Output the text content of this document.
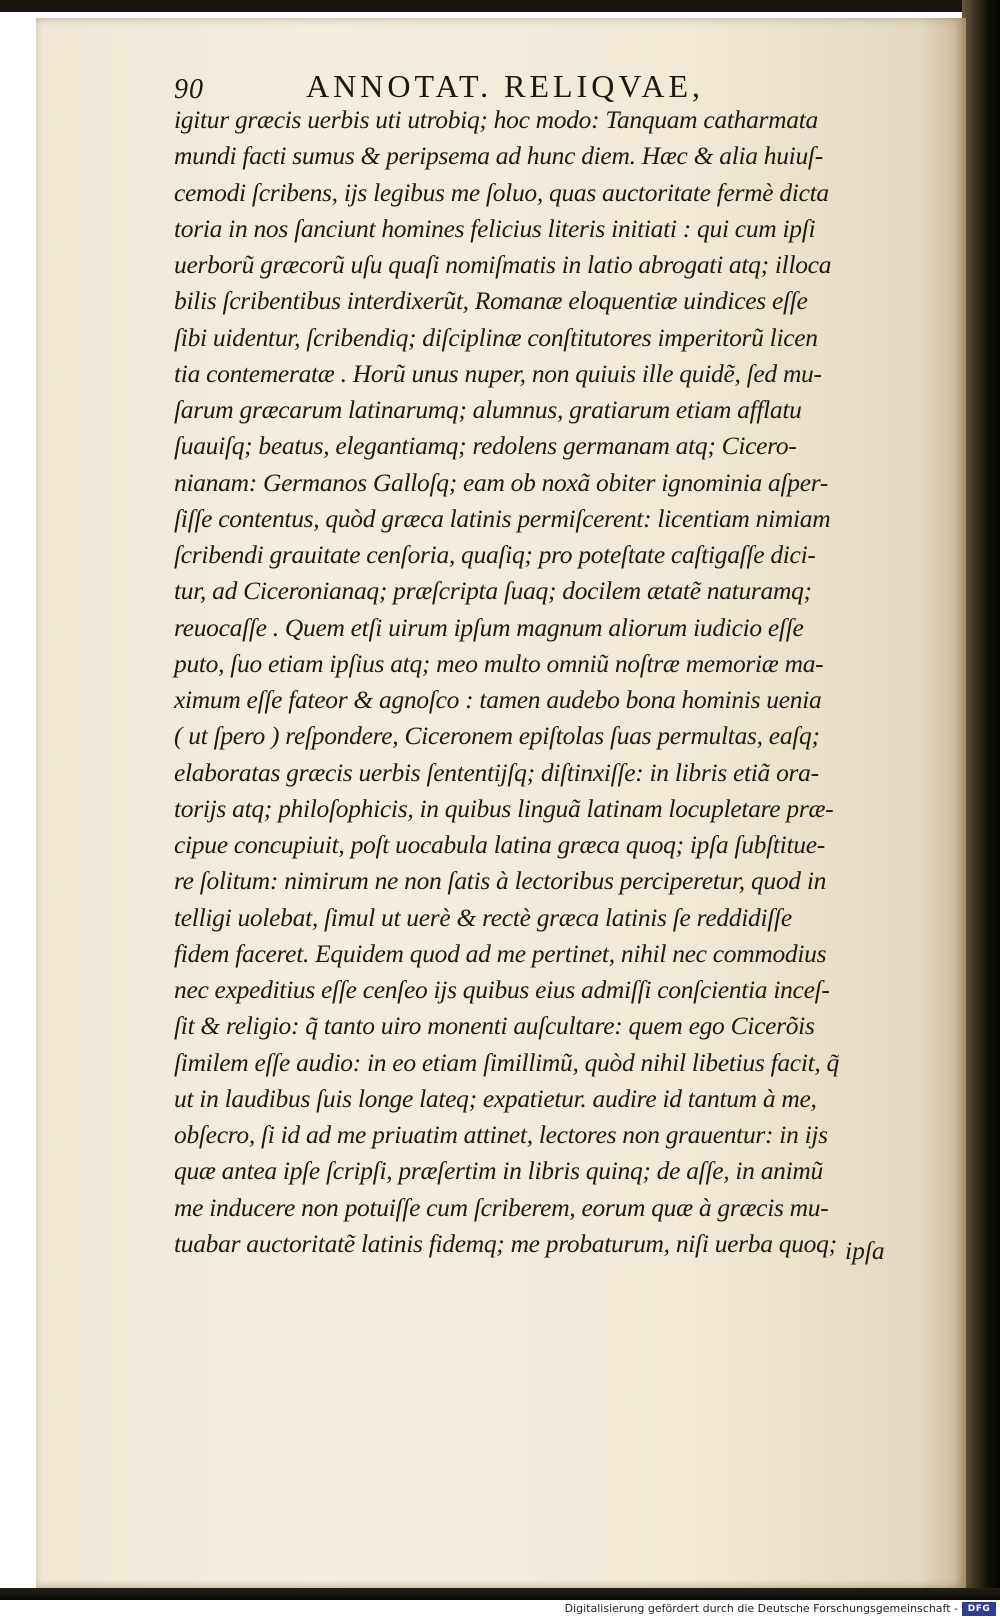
90	ANNOTAT. RELIQVAE,
igitur græcis uerbis uti utrobiq; hoc modo: Tanquam catharmata
mundi facti sumus & peripsema ad hunc diem. Hæc & alia huiuſ-
cemodi ſcribens, ijs legibus me ſoluo, quas auctoritate fermè dicta
toria in nos ſanciunt homines felicius literis initiati : qui cum ipſi
uerborũ græcorũ uſu quaſi nomiſmatis in latio abrogati atq; illoca
bilis ſcribentibus interdixerũt, Romanæ eloquentiæ uindices eſſe
ſibi uidentur, ſcribendiq; diſciplinæ conſtitutores imperitorũ licen
tia contemeratæ . Horũ unus nuper, non quiuis ille quidẽ, ſed mu-
ſarum græcarum latinarumq; alumnus, gratiarum etiam afflatu
ſuauiſq; beatus, elegantiamq; redolens germanam atq; Cicero-
nianam: Germanos Galloſq; eam ob noxã obiter ignominia aſper-
ſiſſe contentus, quòd græca latinis permiſcerent: licentiam nimiam
ſcribendi grauitate cenſoria, quaſiq; pro poteſtate caſtigaſſe dici-
tur, ad Ciceronianaq; præſcripta ſuaq; docilem ætatẽ naturamq;
reuocaſſe . Quem etſi uirum ipſum magnum aliorum iudicio eſſe
puto, ſuo etiam ipſius atq; meo multo omniũ noſtræ memoriæ ma-
ximum eſſe fateor & agnoſco : tamen audebo bona hominis uenia
( ut ſpero ) reſpondere, Ciceronem epiſtolas ſuas permultas, eaſq;
elaboratas græcis uerbis ſententijſq; diſtinxiſſe: in libris etiã ora-
torijs atq; philoſophicis, in quibus linguã latinam locupletare præ-
cipue concupiuit, poſt uocabula latina græca quoq; ipſa ſubſtitue-
re ſolitum: nimirum ne non ſatis à lectoribus perciperetur, quod in
telligi uolebat, ſimul ut uerè & rectè græca latinis ſe reddidiſſe
fidem faceret. Equidem quod ad me pertinet, nihil nec commodius
nec expeditius eſſe cenſeo ijs quibus eius admiſſi conſcientia inceſ-
ſit & religio: q̃ tanto uiro monenti auſcultare: quem ego Cicerõis
ſimilem eſſe audio: in eo etiam ſimillimũ, quòd nihil libetius facit, q̃
ut in laudibus ſuis longe lateq; expatietur. audire id tantum à me,
obſecro, ſi id ad me priuatim attinet, lectores non grauentur: in ijs
quæ antea ipſe ſcripſi, præſertim in libris quinq; de aſſe, in animũ
me inducere non potuiſſe cum ſcriberem, eorum quæ à græcis mu-
tuabar auctoritatẽ latinis fidemq; me probaturum, niſi uerba quoq; ipſa
Digitalisierung gefördert durch die Deutsche Forschungsgemeinschaft -	DFG
